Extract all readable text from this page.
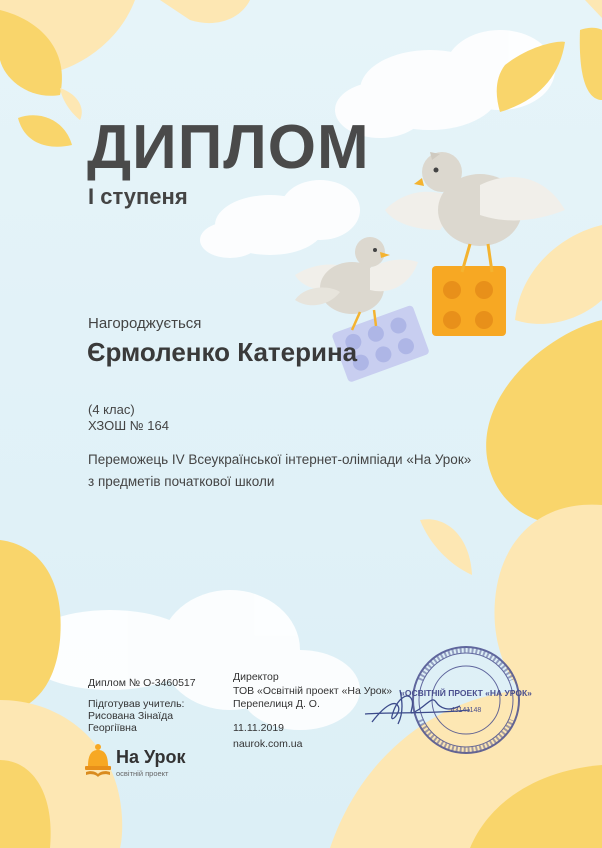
ДИПЛОМ
І ступеня
Нагороджується
Єрмоленко Катерина
(4 клас)
ХЗОШ № 164
Переможець IV Всеукраїнської інтернет-олімпіади «На Урок»
з предметів початкової школи
Диплом № О-3460517
Підготував учитель:
Рисована Зінаїда Георгіївна
Директор
ТОВ «Освітній проект «На Урок»
Перепелиця Д. О.
11.11.2019
naurok.com.ua
«ОСВІТНІЙ ПРОЕКТ «НА УРОК»
43141148
На Урок
освітній проект
